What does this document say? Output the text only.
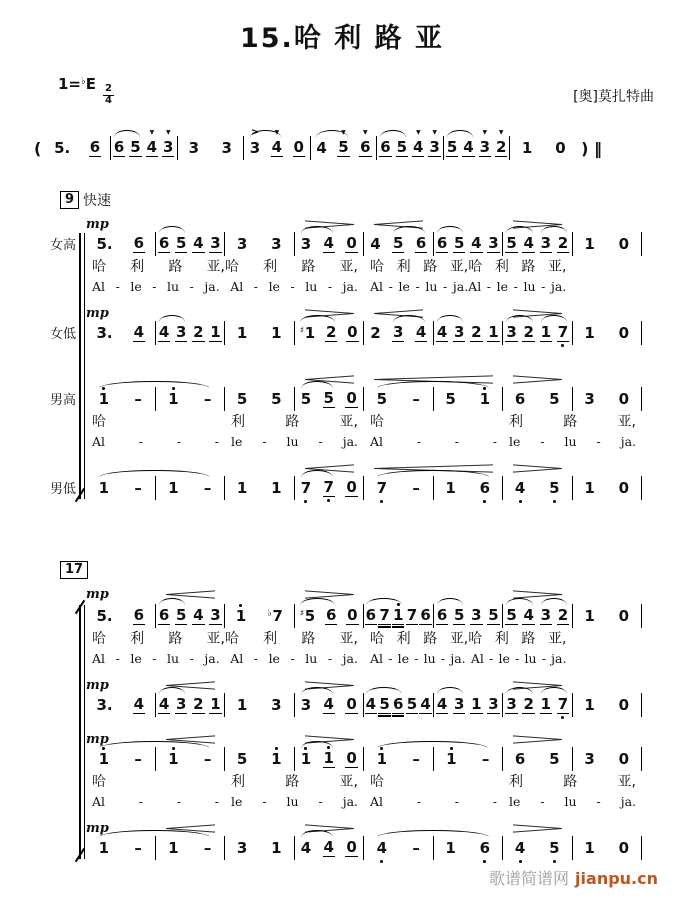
15.哈 利 路 亚
$1=^♭E \frac{2}{4}$	[奥]莫扎特曲
( 5. 6 6 5 4
▼
3
▼
3 3 3
>
4
▼
0 4 5
▼
6
▼
6 5 4
▼
3
▼
5 4 3
▼
2
▼
1 0 ) ‖
9 快速
女高
mp
5. 6 6 5 4 3 3 3 3 4 0 4 5 6 6 5 4 3 5 4 3 2 1 0
哈 利 路 亚,哈 利 路 亚, 哈 利 路 亚,哈 利 路 亚,
Al - le - lu - ja. Al - le - lu - ja. Al - le - lu - ja.Al - le - lu - ja.
女低
mp
3. 4 4 3 2 1 1 1 ♯1 2 0 2 3 4 4 3 2 1 3 2 1 7 1 0
男高	1 – 1 – 5 5 5 5 0 5 – 5 1 6 5 3 0
哈	利	路	亚, 哈	利	路	亚,
Al	-	-	- le - lu - ja. Al	-	-	- le - lu - ja.
男低	1 – 1 – 1 1 7 7 0 7 – 1 6 4 5 1 0
17
mp
5. 6 6 5 4 3 1 ♭7 ♯5 6 0 6 7 1 7 6 6 5 3 5 5 4 3 2 1 0
哈 利 路 亚,哈 利 路 亚, 哈 利 路 亚,哈 利 路 亚,
Al - le - lu - ja. Al - le - lu - ja. Al - le - lu - ja. Al - le - lu - ja.
mp
3. 4 4 3 2 1 1 3 3 4 0 4 5 6 5 4 4 3 1 3 3 2 1 7 1 0
mp
1 – 1 – 5 1 1 1 0 1 – 1 – 6 5 3 0
哈	利	路	亚, 哈	利	路	亚,
Al	-	-	- le - lu - ja. Al	-	-	- le - lu - ja.
mp
1 – 1 – 3 1 4 4 0 4 – 1 6 4 5 1 0
歌谱简谱网 jianpu.cn
